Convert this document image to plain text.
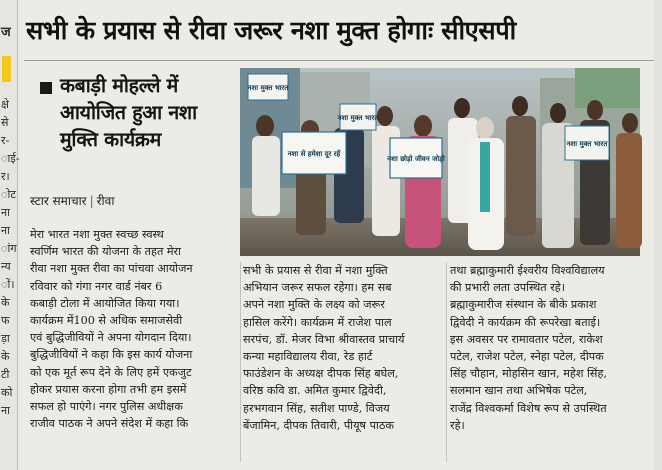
ज
क्षे
से
र-
ाई-
र।
ोट
ना
ना
ांग
न्य
ों।
के
फ
ड़ा
के
टी
को
ना
सभी के प्रयास से रीवा जरूर नशा मुक्त होगाः सीएसपी
कबाड़ी मोहल्ले में
आयोजित हुआ नशा
मुक्ति कार्यक्रम
स्टार समाचार | रीवा
नशा मुक्त भारत
नशा से हमेशा दूर रहें
नशा मुक्त भारत
नशा छोड़ो जीवन जोड़ो
नशा मुक्त भारत
मेरा भारत नशा मुक्त स्वच्छ स्वस्थ
स्वर्णिम भारत की योजना के तहत मेरा
रीवा नशा मुक्त रीवा का पांचवा आयोजन
रविवार को गंगा नगर वार्ड नंबर 6
कबाड़ी टोला में आयोजित किया गया।
कार्यक्रम में100 से अधिक समाजसेवी
एवं बुद्धिजीवियों ने अपना योगदान दिया।
बुद्धिजीवियों ने कहा कि इस कार्य योजना
को एक मूर्त रूप देने के लिए हमें एकजुट
होकर प्रयास करना होगा तभी हम इसमें
सफल हो पाएंगे। नगर पुलिस अधीक्षक
राजीव पाठक ने अपने संदेश में कहा कि
सभी के प्रयास से रीवा में नशा मुक्ति
अभियान जरूर सफल रहेगा। हम सब
अपने नशा मुक्ति के लक्ष्य को जरूर
हासिल करेंगे। कार्यक्रम में राजेश पाल
सरपंच, डॉ. मेजर विभा श्रीवास्तव प्राचार्य
कन्या महाविद्यालय रीवा, रेड हार्ट
फाउंडेशन के अध्यक्ष दीपक सिंह बघेल,
वरिष्ठ कवि डा. अमित कुमार द्विवेदी,
हरभगवान सिंह, सतीश पाण्डे, विजय
बेंजामिन, दीपक तिवारी, पीयूष पाठक
तथा ब्रह्माकुमारी ईश्वरीय विश्वविद्यालय
की प्रभारी लता उपस्थित रहे।
ब्रह्माकुमारीज संस्थान के बीके प्रकाश
द्विवेदी ने कार्यक्रम की रूपरेखा बताई।
इस अवसर पर रामावतार पटेल, राकेश
पटेल, राजेश पटेल, स्नेहा पटेल, दीपक
सिंह चौहान, मोहसिन खान, महेश सिंह,
सलमान खान तथा अभिषेक पटेल,
राजेंद्र विश्वकर्मा विशेष रूप से उपस्थित
रहे।
